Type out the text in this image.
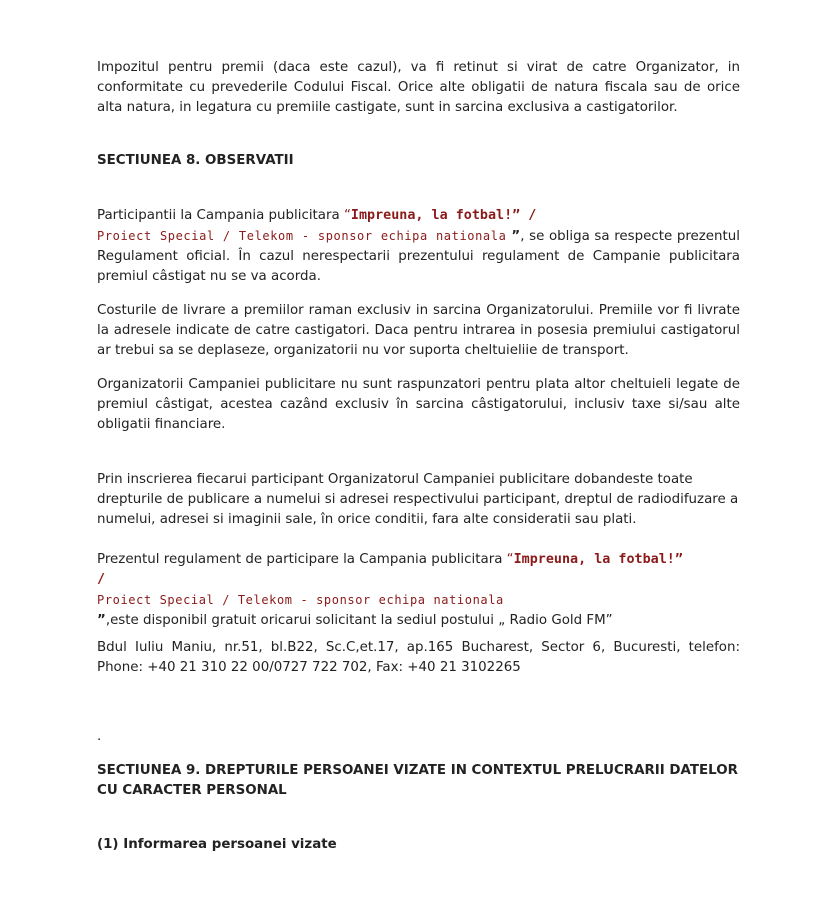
Impozitul pentru premii (daca este cazul), va fi retinut si virat de catre Organizator, in conformitate cu prevederile Codului Fiscal. Orice alte obligatii de natura fiscala sau de orice alta natura, in legatura cu premiile castigate, sunt in sarcina exclusiva a castigatorilor.

SECTIUNEA 8. OBSERVATII

Participantii la Campania publicitara “Impreuna, la fotbal!” /
Proiect Special / Telekom - sponsor echipa nationala ”, se obliga sa respecte prezentul Regulament oficial. În cazul nerespectarii prezentului regulament de Campanie publicitara premiul câstigat nu se va acorda.

Costurile de livrare a premiilor raman exclusiv in sarcina Organizatorului. Premiile vor fi livrate la adresele indicate de catre castigatori. Daca pentru intrarea in posesia premiului castigatorul ar trebui sa se deplaseze, organizatorii nu vor suporta cheltuieliie de transport.

Organizatorii Campaniei publicitare nu sunt raspunzatori pentru plata altor cheltuieli legate de premiul câstigat, acestea cazând exclusiv în sarcina câstigatorului, inclusiv taxe si/sau alte obligatii financiare.

Prin inscrierea fiecarui participant Organizatorul Campaniei publicitare dobandeste toate drepturile de publicare a numelui si adresei respectivului participant, dreptul de radiodifuzare a numelui, adresei si imaginii sale, în orice conditii, fara alte consideratii sau plati.

Prezentul regulament de participare la Campania publicitara “Impreuna, la fotbal!”
/
Proiect Special / Telekom - sponsor echipa nationala
”,este disponibil gratuit oricarui solicitant la sediul postului „ Radio Gold FM”

Bdul Iuliu Maniu, nr.51, bl.B22, Sc.C,et.17, ap.165 Bucharest, Sector 6, Bucuresti, telefon: Phone: +40 21 310 22 00/0727 722 702, Fax: +40 21 3102265

.

SECTIUNEA 9. DREPTURILE PERSOANEI VIZATE IN CONTEXTUL PRELUCRARII DATELOR CU CARACTER PERSONAL

(1) Informarea persoanei vizate
